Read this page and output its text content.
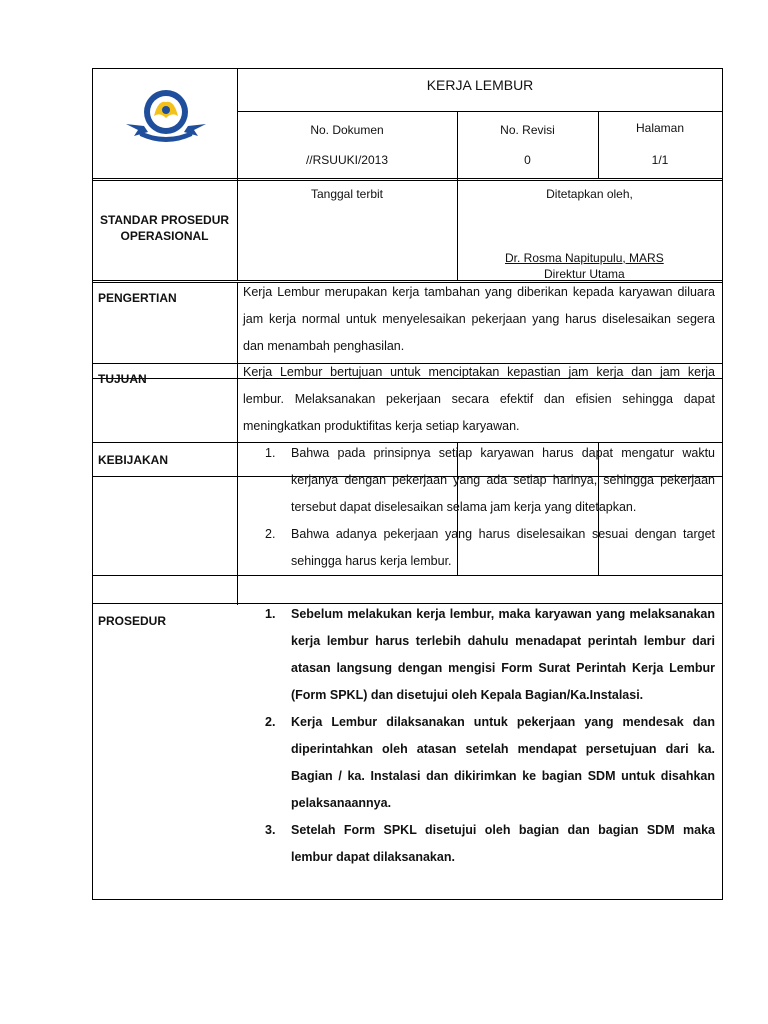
KERJA LEMBUR
No. Dokumen
//RSUUKI/2013
No. Revisi
0
Halaman
1/1
STANDAR PROSEDUR
OPERASIONAL
Tanggal terbit	Ditetapkan oleh,
Dr. Rosma Napitupulu, MARS
Direktur Utama
PENGERTIAN
TUJUAN
KEBIJAKAN
PROSEDUR
Kerja Lembur merupakan kerja tambahan yang diberikan kepada karyawan diluara jam kerja normal untuk menyelesaikan pekerjaan yang harus diselesaikan segera dan menambah penghasilan.
Kerja Lembur bertujuan untuk menciptakan kepastian jam kerja dan jam kerja lembur. Melaksanakan pekerjaan secara efektif dan efisien sehingga dapat meningkatkan produktifitas kerja setiap karyawan.
1. Bahwa pada prinsipnya setiap karyawan harus dapat mengatur waktu kerjanya dengan pekerjaan yang ada setiap harinya, sehingga pekerjaan tersebut dapat diselesaikan selama jam kerja yang ditetapkan.
2. Bahwa adanya pekerjaan yang harus diselesaikan sesuai dengan target sehingga harus kerja lembur.
1. Sebelum melakukan kerja lembur, maka karyawan yang melaksanakan kerja lembur harus terlebih dahulu menadapat perintah lembur dari atasan langsung dengan mengisi Form Surat Perintah Kerja Lembur (Form SPKL) dan disetujui oleh Kepala Bagian/Ka.Instalasi.
2. Kerja Lembur dilaksanakan untuk pekerjaan yang mendesak dan diperintahkan oleh atasan setelah mendapat persetujuan dari ka. Bagian / ka. Instalasi dan dikirimkan ke bagian SDM untuk disahkan pelaksanaannya.
3. Setelah Form SPKL disetujui oleh bagian dan bagian SDM maka lembur dapat dilaksanakan.
